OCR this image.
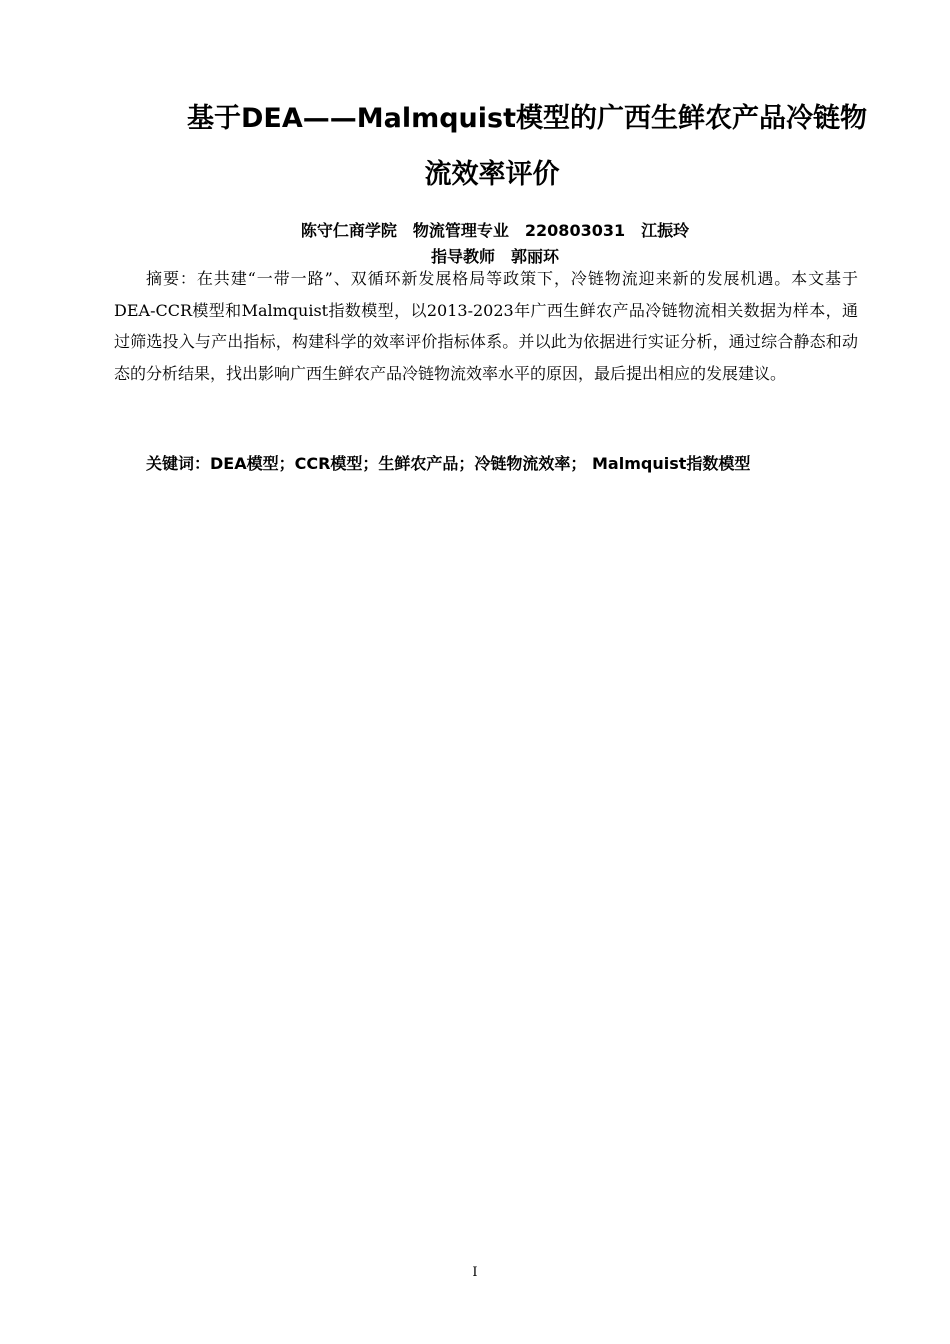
基于DEA——Malmquist模型的广西生鲜农产品冷链物
流效率评价
陈守仁商学院 物流管理专业 220803031 江振玲
指导教师 郭丽环

摘要：在共建“一带一路”、双循环新发展格局等政策下，冷链物流迎来新的发展机遇。本文基于DEA-CCR模型和Malmquist指数模型，以2013-2023年广西生鲜农产品冷链物流相关数据为样本，通过筛选投入与产出指标，构建科学的效率评价指标体系。并以此为依据进行实证分析，通过综合静态和动态的分析结果，找出影响广西生鲜农产品冷链物流效率水平的原因，最后提出相应的发展建议。

关键词：DEA模型；CCR模型；生鲜农产品；冷链物流效率； Malmquist指数模型

I
